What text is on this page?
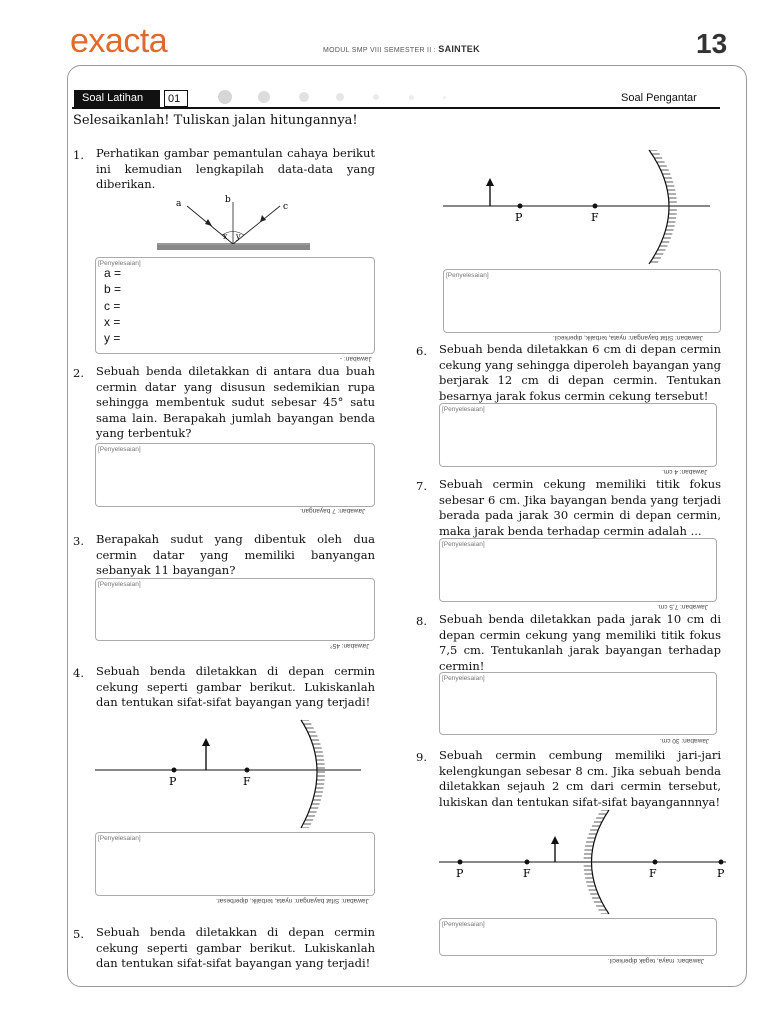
exacta	MODUL SMP VIII SEMESTER II : SAINTEK	13
Soal Latihan	01	Soal Pengantar
Selesaikanlah! Tuliskan jalan hitungannya!
1. Perhatikan gambar pemantulan cahaya berikut ini kemudian lengkapilah data-data yang diberikan.
a	b
c
x y
[Penyelesaian]
a =
b =
c =
x =
y =
Jawaban: -
2. Sebuah benda diletakkan di antara dua buah cermin datar yang disusun sedemikian rupa sehingga membentuk sudut sebesar 45° satu sama lain. Berapakah jumlah bayangan benda yang terbentuk?
[Penyelesaian]
Jawaban: 7 bayangan.
3. Berapakah sudut yang dibentuk oleh dua cermin datar yang memiliki banyangan sebanyak 11 bayangan?
[Penyelesaian]
Jawaban: 45°
4. Sebuah benda diletakkan di depan cermin cekung seperti gambar berikut. Lukiskanlah dan tentukan sifat-sifat bayangan yang terjadi!
P	F
[Penyelesaian]
Jawaban: Sifat bayangan: nyata, terbalik, diperbesar.
5. Sebuah benda diletakkan di depan cermin cekung seperti gambar berikut. Lukiskanlah dan tentukan sifat-sifat bayangan yang terjadi!
P	F
[Penyelesaian]
Jawaban: Sifat bayangan: nyata, terbalik, diperkecil.
6. Sebuah benda diletakkan 6 cm di depan cermin cekung yang sehingga diperoleh bayangan yang berjarak 12 cm di depan cermin. Tentukan besarnya jarak fokus cermin cekung tersebut!
[Penyelesaian]
Jawaban: 4 cm.
7. Sebuah cermin cekung memiliki titik fokus sebesar 6 cm. Jika bayangan benda yang terjadi berada pada jarak 30 cermin di depan cermin, maka jarak benda terhadap cermin adalah ...
[Penyelesaian]
Jawaban: 7,5 cm.
8. Sebuah benda diletakkan pada jarak 10 cm di depan cermin cekung yang memiliki titik fokus 7,5 cm. Tentukanlah jarak bayangan terhadap cermin!
[Penyelesaian]
Jawaban: 30 cm.
9. Sebuah cermin cembung memiliki jari-jari kelengkungan sebesar 8 cm. Jika sebuah benda diletakkan sejauh 2 cm dari cermin tersebut, lukiskan dan tentukan sifat-sifat bayangannnya!
P	F	F	P
[Penyelesaian]
Jawaban: maya, tegak diperkecil.
